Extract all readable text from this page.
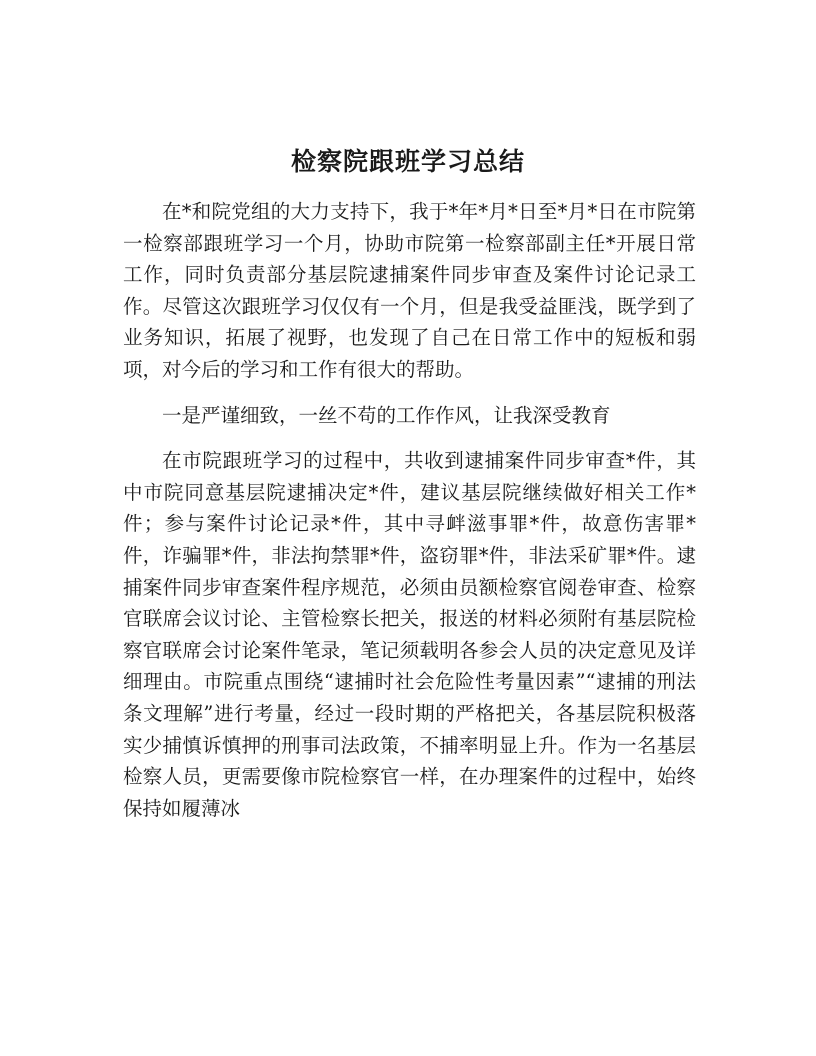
检察院跟班学习总结

在*和院党组的大力支持下，我于*年*月*日至*月*日在市院第一检察部跟班学习一个月，协助市院第一检察部副主任*开展日常工作，同时负责部分基层院逮捕案件同步审查及案件讨论记录工作。尽管这次跟班学习仅仅有一个月，但是我受益匪浅，既学到了业务知识，拓展了视野，也发现了自己在日常工作中的短板和弱项，对今后的学习和工作有很大的帮助。

一是严谨细致，一丝不苟的工作作风，让我深受教育

在市院跟班学习的过程中，共收到逮捕案件同步审查*件，其中市院同意基层院逮捕决定*件，建议基层院继续做好相关工作*件；参与案件讨论记录*件，其中寻衅滋事罪*件，故意伤害罪*件，诈骗罪*件，非法拘禁罪*件，盗窃罪*件，非法采矿罪*件。逮捕案件同步审查案件程序规范，必须由员额检察官阅卷审查、检察官联席会议讨论、主管检察长把关，报送的材料必须附有基层院检察官联席会讨论案件笔录，笔记须载明各参会人员的决定意见及详细理由。市院重点围绕“逮捕时社会危险性考量因素”“逮捕的刑法条文理解”进行考量，经过一段时期的严格把关，各基层院积极落实少捕慎诉慎押的刑事司法政策，不捕率明显上升。作为一名基层检察人员，更需要像市院检察官一样，在办理案件的过程中，始终保持如履薄冰
